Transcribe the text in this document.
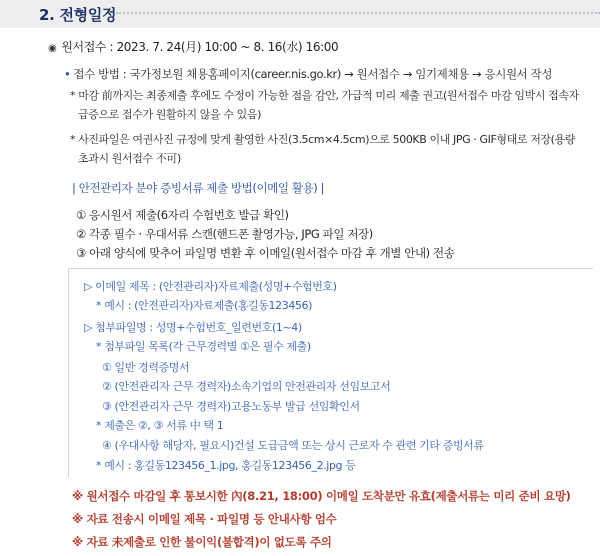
2. 전형일정
◉ 원서접수 : 2023. 7. 24(月) 10:00 ~ 8. 16(水) 16:00
• 접수 방법 : 국가정보원 채용홈페이지(career.nis.go.kr) → 원서접수 → 임기제채용 → 응시원서 작성
* 마감 前까지는 최종제출 후에도 수정이 가능한 점을 감안, 가급적 미리 제출 권고(원서접수 마감 임박시 접속자
급증으로 접수가 원활하지 않을 수 있음)
* 사진파일은 여권사진 규정에 맞게 촬영한 사진(3.5cm×4.5cm)으로 500KB 이내 JPG · GIF형태로 저장(용량
초과시 원서접수 不可)
| 안전관리자 분야 증빙서류 제출 방법(이메일 활용) |
① 응시원서 제출(6자리 수험번호 발급 확인)
② 각종 필수 · 우대서류 스캔(핸드폰 촬영가능, JPG 파일 저장)
③ 아래 양식에 맞추어 파일명 변환 후 이메일(원서접수 마감 후 개별 안내) 전송
▷ 이메일 제목 : (안전관리자)자료제출(성명+수험번호)
* 예시 : (안전관리자)자료제출(홍길동123456)
▷ 첨부파일명 : 성명+수험번호_일련번호(1~4)
* 첨부파일 목록(각 근무경력별 ①은 필수 제출)
① 일반 경력증명서
② (안전관리자 근무 경력자)소속기업의 안전관리자 선임보고서
③ (안전관리자 근무 경력자)고용노동부 발급 선임확인서
* 제출은 ②, ③ 서류 中 택 1
④ (우대사항 해당자, 필요시)건설 도급금액 또는 상시 근로자 수 관련 기타 증빙서류
* 예시 : 홍길동123456_1.jpg, 홍길동123456_2.jpg 등
※ 원서접수 마감일 후 통보시한 內(8.21, 18:00) 이메일 도착분만 유효(제출서류는 미리 준비 요망)
※ 자료 전송시 이메일 제목 · 파일명 등 안내사항 엄수
※ 자료 未제출로 인한 불이익(불합격)이 없도록 주의
